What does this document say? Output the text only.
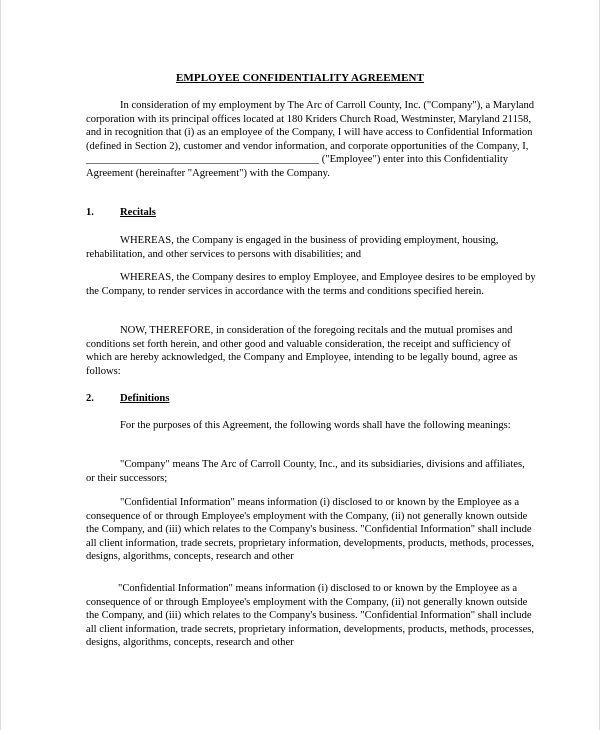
EMPLOYEE CONFIDENTIALITY AGREEMENT

In consideration of my employment by The Arc of Carroll County, Inc. ("Company"), a Maryland corporation with its principal offices located at 180 Kriders Church Road, Westminster, Maryland 21158, and in recognition that (i) as an employee of the Company, I will have access to Confidential Information (defined in Section 2), customer and vendor information, and corporate opportunities of the Company, I, ____________________________________________ ("Employee") enter into this Confidentiality Agreement (hereinafter "Agreement") with the Company.

1. Recitals

WHEREAS, the Company is engaged in the business of providing employment, housing, rehabilitation, and other services to persons with disabilities; and

WHEREAS, the Company desires to employ Employee, and Employee desires to be employed by the Company, to render services in accordance with the terms and conditions specified herein.

NOW, THEREFORE, in consideration of the foregoing recitals and the mutual promises and conditions set forth herein, and other good and valuable consideration, the receipt and sufficiency of which are hereby acknowledged, the Company and Employee, intending to be legally bound, agree as follows:

2. Definitions

For the purposes of this Agreement, the following words shall have the following meanings:

"Company" means The Arc of Carroll County, Inc., and its subsidiaries, divisions and affiliates, or their successors;

"Confidential Information" means information (i) disclosed to or known by the Employee as a consequence of or through Employee's employment with the Company, (ii) not generally known outside the Company, and (iii) which relates to the Company's business. "Confidential Information" shall include all client information, trade secrets, proprietary information, developments, products, methods, processes, designs, algorithms, concepts, research and other

"Confidential Information" means information (i) disclosed to or known by the Employee as a consequence of or through Employee's employment with the Company, (ii) not generally known outside the Company, and (iii) which relates to the Company's business. "Confidential Information" shall include all client information, trade secrets, proprietary information, developments, products, methods, processes, designs, algorithms, concepts, research and other
